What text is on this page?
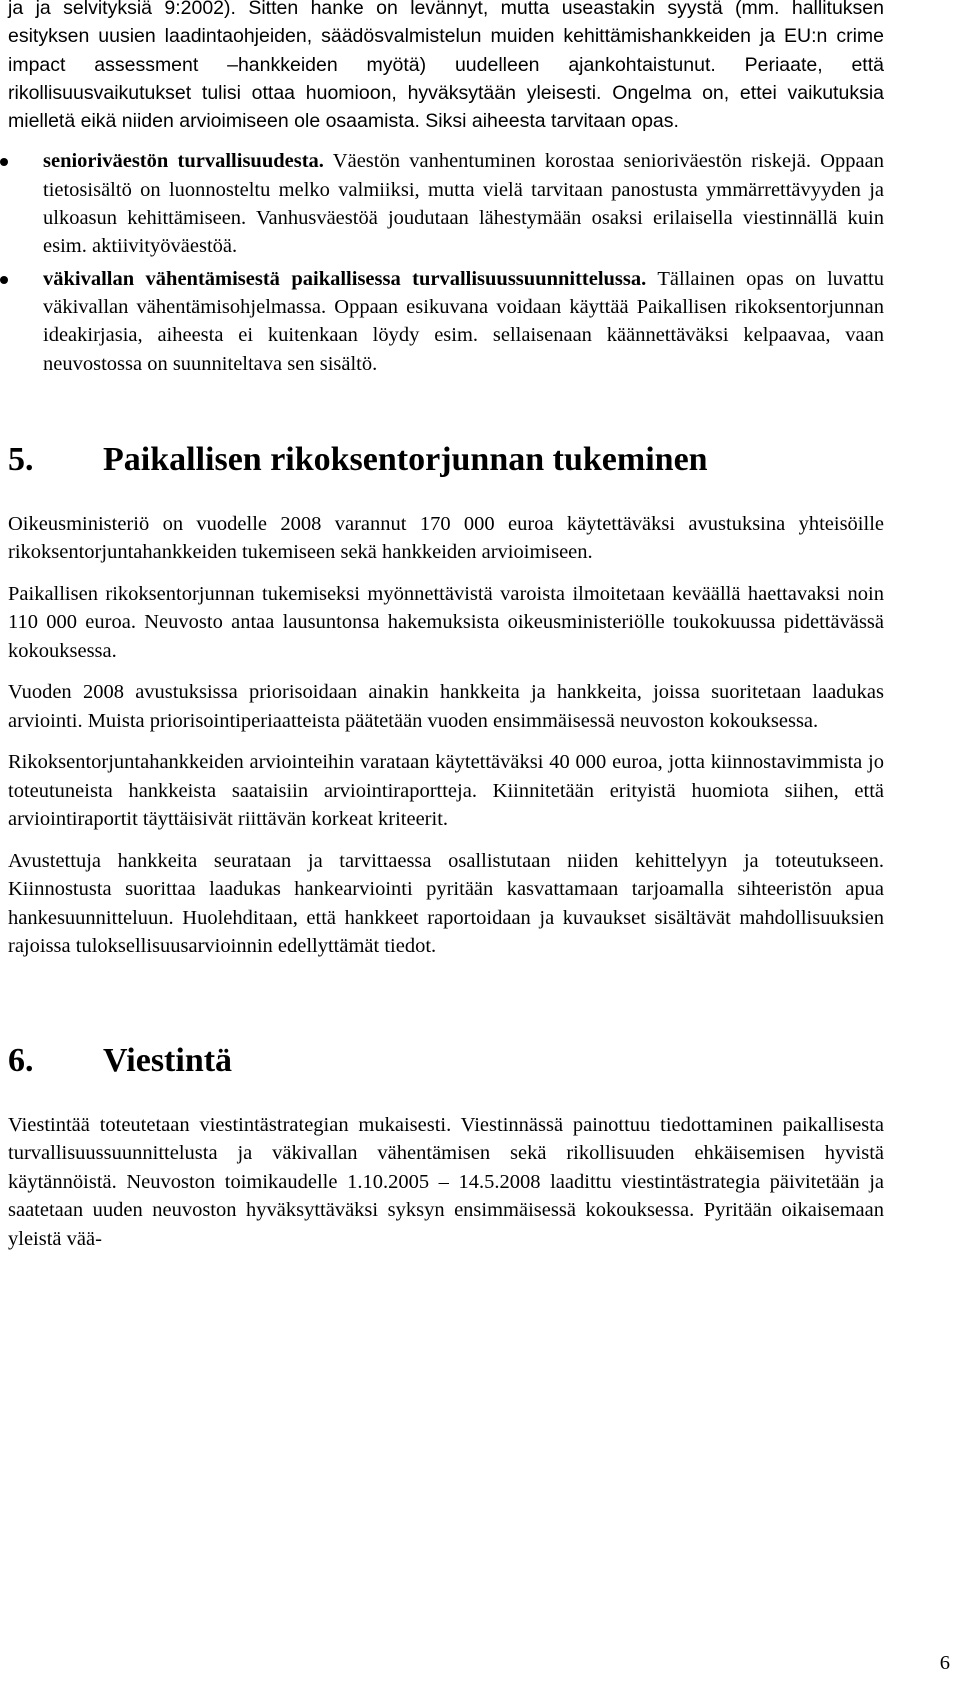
ja ja selvityksiä 9:2002). Sitten hanke on levännyt, mutta useastakin syystä (mm. hallituksen esityksen uusien laadintaohjeiden, säädösvalmistelun muiden kehittämishankkeiden ja EU:n crime impact assessment –hankkeiden myötä) uudelleen ajankohtaistunut. Periaate, että rikollisuusvaikutukset tulisi ottaa huomioon, hyväksytään yleisesti. Ongelma on, ettei vaikutuksia mielletä eikä niiden arvioimiseen ole osaamista. Siksi aiheesta tarvitaan opas.

senioriväestön turvallisuudesta. Väestön vanhentuminen korostaa senioriväestön riskejä. Oppaan tietosisältö on luonnosteltu melko valmiiksi, mutta vielä tarvitaan panostusta ymmärrettävyyden ja ulkoasun kehittämiseen. Vanhusväestöä joudutaan lähestymään osaksi erilaisella viestinnällä kuin esim. aktiivityöväestöä.
väkivallan vähentämisestä paikallisessa turvallisuussuunnittelussa. Tällainen opas on luvattu väkivallan vähentämisohjelmassa. Oppaan esikuvana voidaan käyttää Paikallisen rikoksentorjunnan ideakirjasia, aiheesta ei kuitenkaan löydy esim. sellaisenaan käännettäväksi kelpaavaa, vaan neuvostossa on suunniteltava sen sisältö.
5.	Paikallisen rikoksentorjunnan tukeminen

Oikeusministeriö on vuodelle 2008 varannut 170 000 euroa käytettäväksi avustuksina yhteisöille rikoksentorjuntahankkeiden tukemiseen sekä hankkeiden arvioimiseen.

Paikallisen rikoksentorjunnan tukemiseksi myönnettävistä varoista ilmoitetaan keväällä haettavaksi noin 110 000 euroa. Neuvosto antaa lausuntonsa hakemuksista oikeusministeriölle toukokuussa pidettävässä kokouksessa.

Vuoden 2008 avustuksissa priorisoidaan ainakin hankkeita ja hankkeita, joissa suoritetaan laadukas arviointi. Muista priorisointiperiaatteista päätetään vuoden ensimmäisessä neuvoston kokouksessa.

Rikoksentorjuntahankkeiden arviointeihin varataan käytettäväksi 40 000 euroa, jotta kiinnostavimmista jo toteutuneista hankkeista saataisiin arviointiraportteja. Kiinnitetään erityistä huomiota siihen, että arviointiraportit täyttäisivät riittävän korkeat kriteerit.

Avustettuja hankkeita seurataan ja tarvittaessa osallistutaan niiden kehittelyyn ja toteutukseen. Kiinnostusta suorittaa laadukas hankearviointi pyritään kasvattamaan tarjoamalla sihteeristön apua hankesuunnitteluun. Huolehditaan, että hankkeet raportoidaan ja kuvaukset sisältävät mahdollisuuksien rajoissa tuloksellisuusarvioinnin edellyttämät tiedot.

6.	Viestintä

Viestintää toteutetaan viestintästrategian mukaisesti. Viestinnässä painottuu tiedottaminen paikallisesta turvallisuussuunnittelusta ja väkivallan vähentämisen sekä rikollisuuden ehkäisemisen hyvistä käytännöistä. Neuvoston toimikaudelle 1.10.2005 – 14.5.2008 laadittu viestintästrategia päivitetään ja saatetaan uuden neuvoston hyväksyttäväksi syksyn ensimmäisessä kokouksessa. Pyritään oikaisemaan yleistä vää-

6
